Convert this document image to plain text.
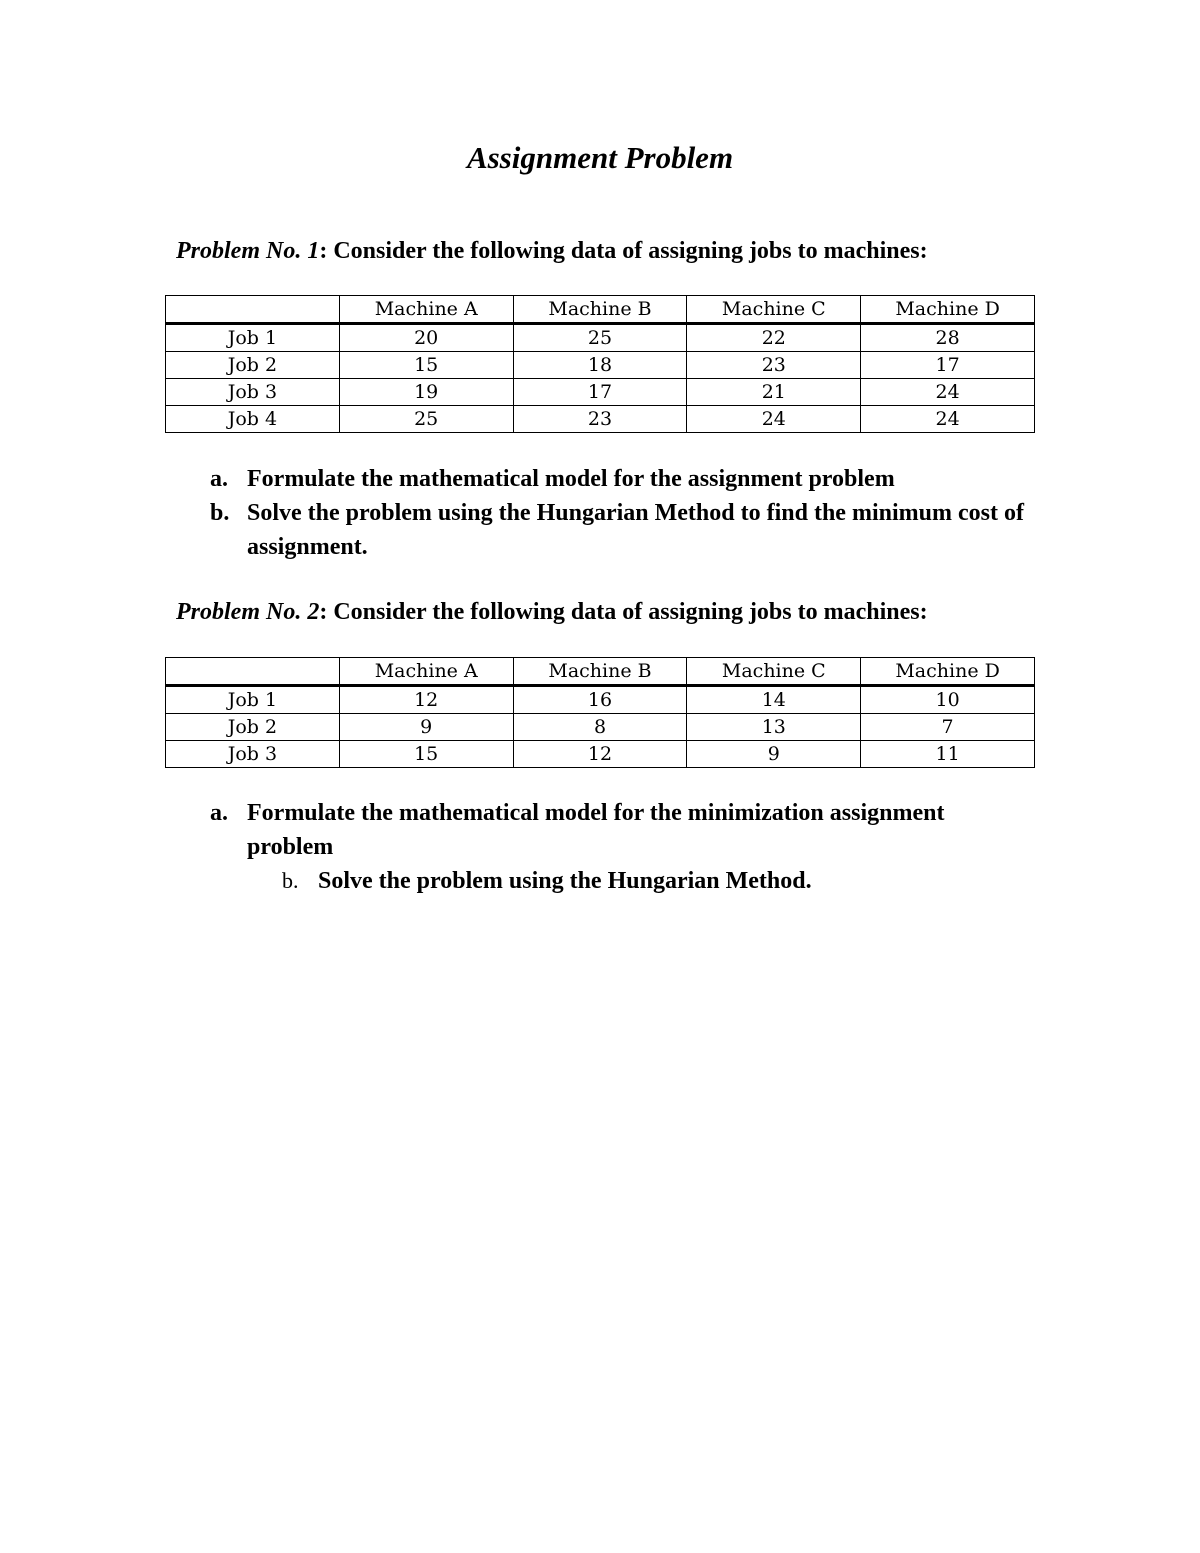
Assignment Problem

Problem No. 1: Consider the following data of assigning jobs to machines:

	Machine A	Machine B	Machine C	Machine D
Job 1	20	25	22	28
Job 2	15	18	23	17
Job 3	19	17	21	24
Job 4	25	23	24	24
a. Formulate the mathematical model for the assignment problem
b. Solve the problem using the Hungarian Method to find the minimum cost of assignment.

Problem No. 2: Consider the following data of assigning jobs to machines:

	Machine A	Machine B	Machine C	Machine D
Job 1	12	16	14	10
Job 2	9	8	13	7
Job 3	15	12	9	11
a. Formulate the mathematical model for the minimization assignment problem
b. Solve the problem using the Hungarian Method.
